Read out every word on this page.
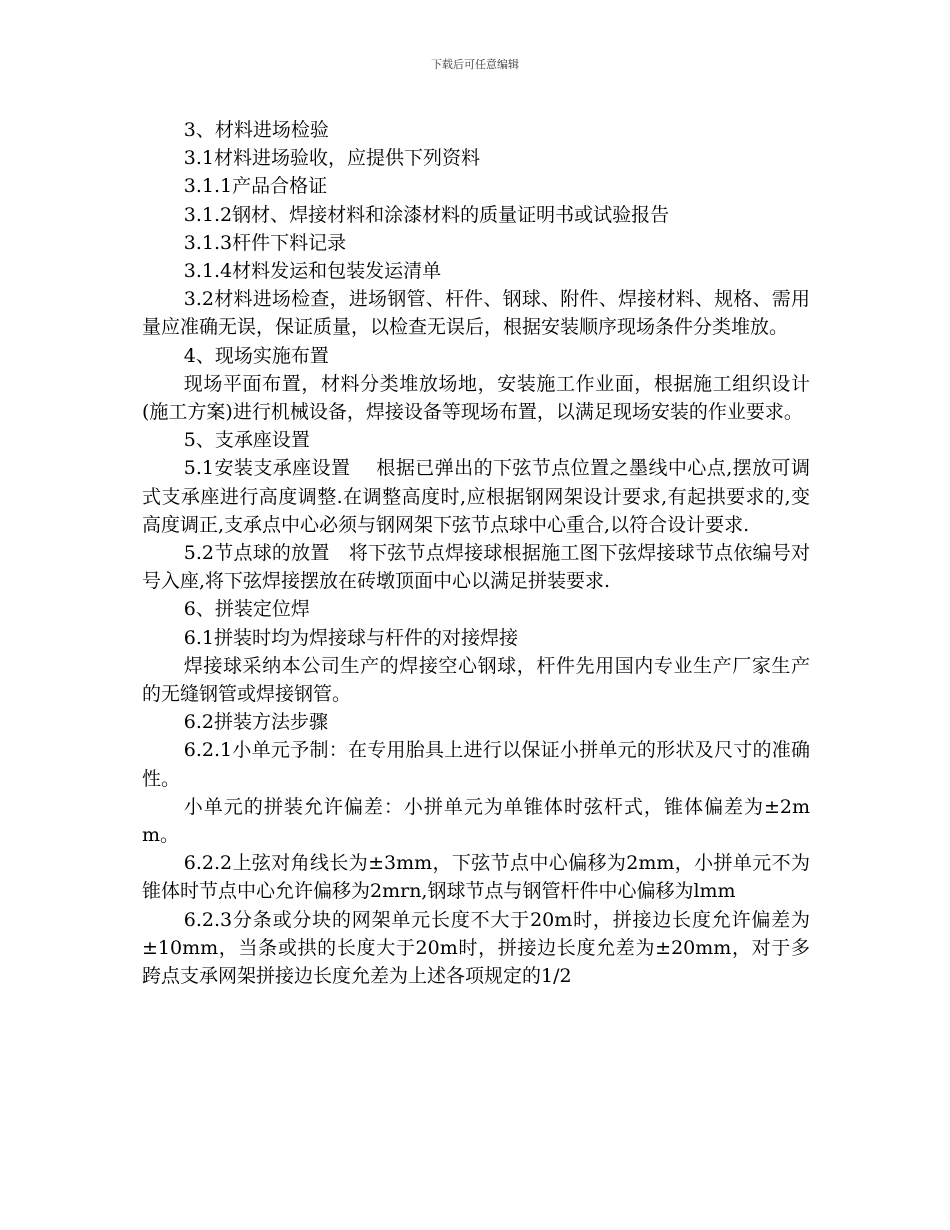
下载后可任意编辑

3、材料进场检验

3.1材料进场验收，应提供下列资料

3.1.1产品合格证

3.1.2钢材、焊接材料和涂漆材料的质量证明书或试验报告

3.1.3杆件下料记录

3.1.4材料发运和包装发运清单

3.2材料进场检查，进场钢管、杆件、钢球、附件、焊接材料、规格、需用量应准确无误，保证质量，以检查无误后，根据安装顺序现场条件分类堆放。

4、现场实施布置

现场平面布置，材料分类堆放场地，安装施工作业面，根据施工组织设计(施工方案)进行机械设备，焊接设备等现场布置，以满足现场安装的作业要求。

5、支承座设置

5.1安装支承座设置　 根据已弹出的下弦节点位置之墨线中心点,摆放可调式支承座进行高度调整.在调整高度时,应根据钢网架设计要求,有起拱要求的,变高度调正,支承点中心必须与钢网架下弦节点球中心重合,以符合设计要求.

5.2节点球的放置　将下弦节点焊接球根据施工图下弦焊接球节点依编号对号入座,将下弦焊接摆放在砖墩顶面中心以满足拼装要求.

6、拼装定位焊

6.1拼装时均为焊接球与杆件的对接焊接

焊接球采纳本公司生产的焊接空心钢球，杆件先用国内专业生产厂家生产的无缝钢管或焊接钢管。

6.2拼装方法步骤

6.2.1小单元予制：在专用胎具上进行以保证小拼单元的形状及尺寸的准确性。

小单元的拼装允许偏差：小拼单元为单锥体时弦杆式，锥体偏差为±2mm。

6.2.2上弦对角线长为±3mm，下弦节点中心偏移为2mm，小拼单元不为锥体时节点中心允许偏移为2mrn,钢球节点与钢管杆件中心偏移为lmm

6.2.3分条或分块的网架单元长度不大于20m时，拼接边长度允许偏差为±10mm，当条或拱的长度大于20m时，拼接边长度允差为±20mm，对于多跨点支承网架拼接边长度允差为上述各项规定的1/2
